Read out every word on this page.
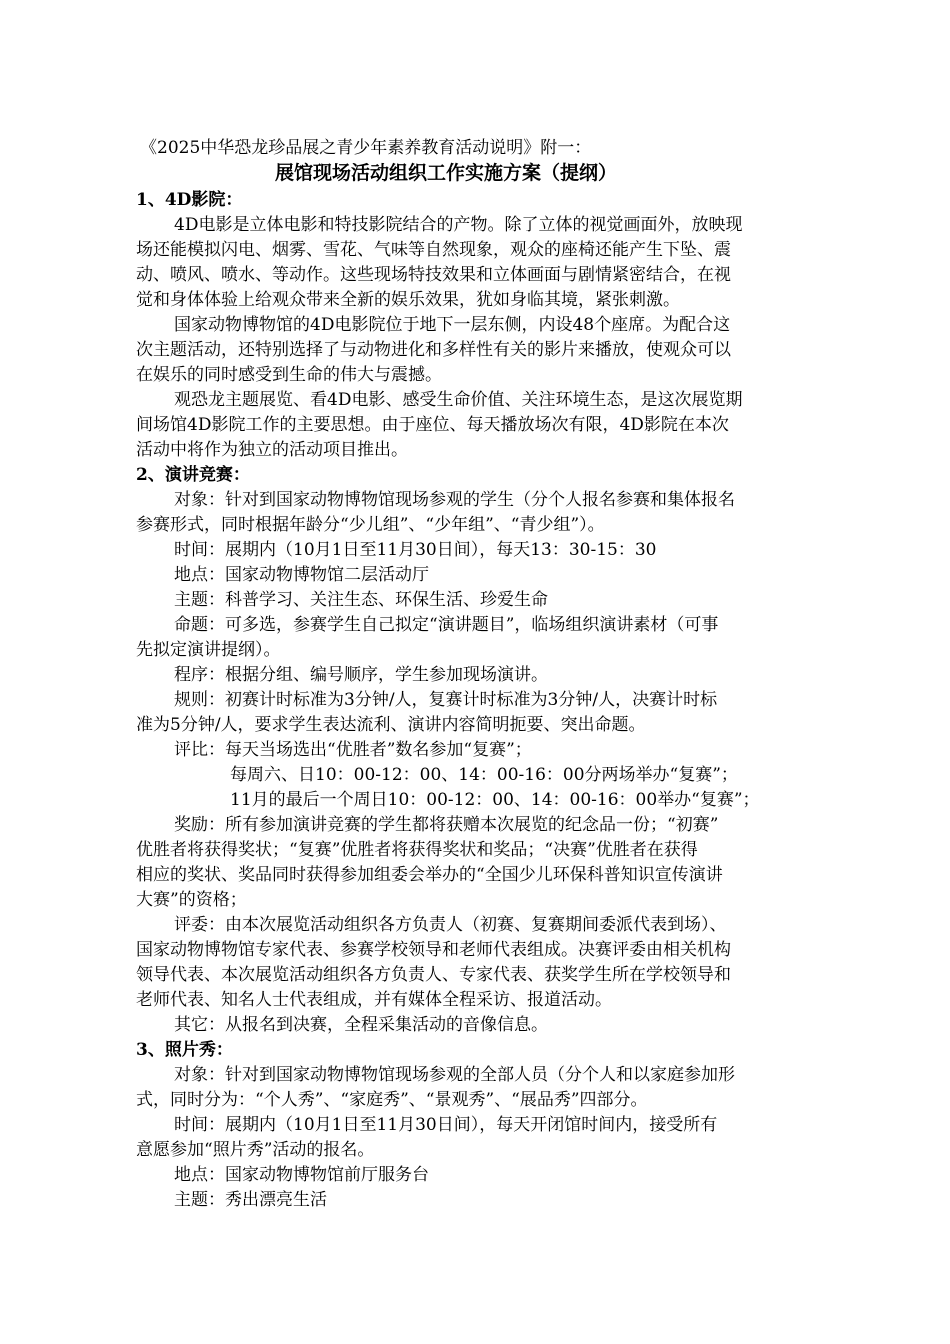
《2025中华恐龙珍品展之青少年素养教育活动说明》附一：
展馆现场活动组织工作实施方案（提纲）
1、4D影院：
4D电影是立体电影和特技影院结合的产物。除了立体的视觉画面外，放映现
场还能模拟闪电、烟雾、雪花、气味等自然现象，观众的座椅还能产生下坠、震
动、喷风、喷水、等动作。这些现场特技效果和立体画面与剧情紧密结合，在视
觉和身体体验上给观众带来全新的娱乐效果，犹如身临其境，紧张刺激。
国家动物博物馆的4D电影院位于地下一层东侧，内设48个座席。为配合这
次主题活动，还特别选择了与动物进化和多样性有关的影片来播放，使观众可以
在娱乐的同时感受到生命的伟大与震撼。
观恐龙主题展览、看4D电影、感受生命价值、关注环境生态，是这次展览期
间场馆4D影院工作的主要思想。由于座位、每天播放场次有限，4D影院在本次
活动中将作为独立的活动项目推出。
2、演讲竞赛：
对象：针对到国家动物博物馆现场参观的学生（分个人报名参赛和集体报名
参赛形式，同时根据年龄分“少儿组”、“少年组”、“青少组”）。
时间：展期内（10月1日至11月30日间），每天13：30-15：30
地点：国家动物博物馆二层活动厅
主题：科普学习、关注生态、环保生活、珍爱生命
命题：可多选，参赛学生自己拟定“演讲题目”，临场组织演讲素材（可事
先拟定演讲提纲）。
程序：根据分组、编号顺序，学生参加现场演讲。
规则：初赛计时标准为3分钟/人，复赛计时标准为3分钟/人，决赛计时标
准为5分钟/人，要求学生表达流利、演讲内容简明扼要、突出命题。
评比：每天当场选出“优胜者”数名参加“复赛”；
每周六、日10：00-12：00、14：00-16：00分两场举办“复赛”；
11月的最后一个周日10：00-12：00、14：00-16：00举办“复赛”；
奖励：所有参加演讲竞赛的学生都将获赠本次展览的纪念品一份；“初赛”
优胜者将获得奖状；“复赛”优胜者将获得奖状和奖品；“决赛”优胜者在获得
相应的奖状、奖品同时获得参加组委会举办的“全国少儿环保科普知识宣传演讲
大赛”的资格；
评委：由本次展览活动组织各方负责人（初赛、复赛期间委派代表到场）、
国家动物博物馆专家代表、参赛学校领导和老师代表组成。决赛评委由相关机构
领导代表、本次展览活动组织各方负责人、专家代表、获奖学生所在学校领导和
老师代表、知名人士代表组成，并有媒体全程采访、报道活动。
其它：从报名到决赛，全程采集活动的音像信息。
3、照片秀：
对象：针对到国家动物博物馆现场参观的全部人员（分个人和以家庭参加形
式，同时分为：“个人秀”、“家庭秀”、“景观秀”、“展品秀”四部分。
时间：展期内（10月1日至11月30日间），每天开闭馆时间内，接受所有
意愿参加“照片秀”活动的报名。
地点：国家动物博物馆前厅服务台
主题：秀出漂亮生活
